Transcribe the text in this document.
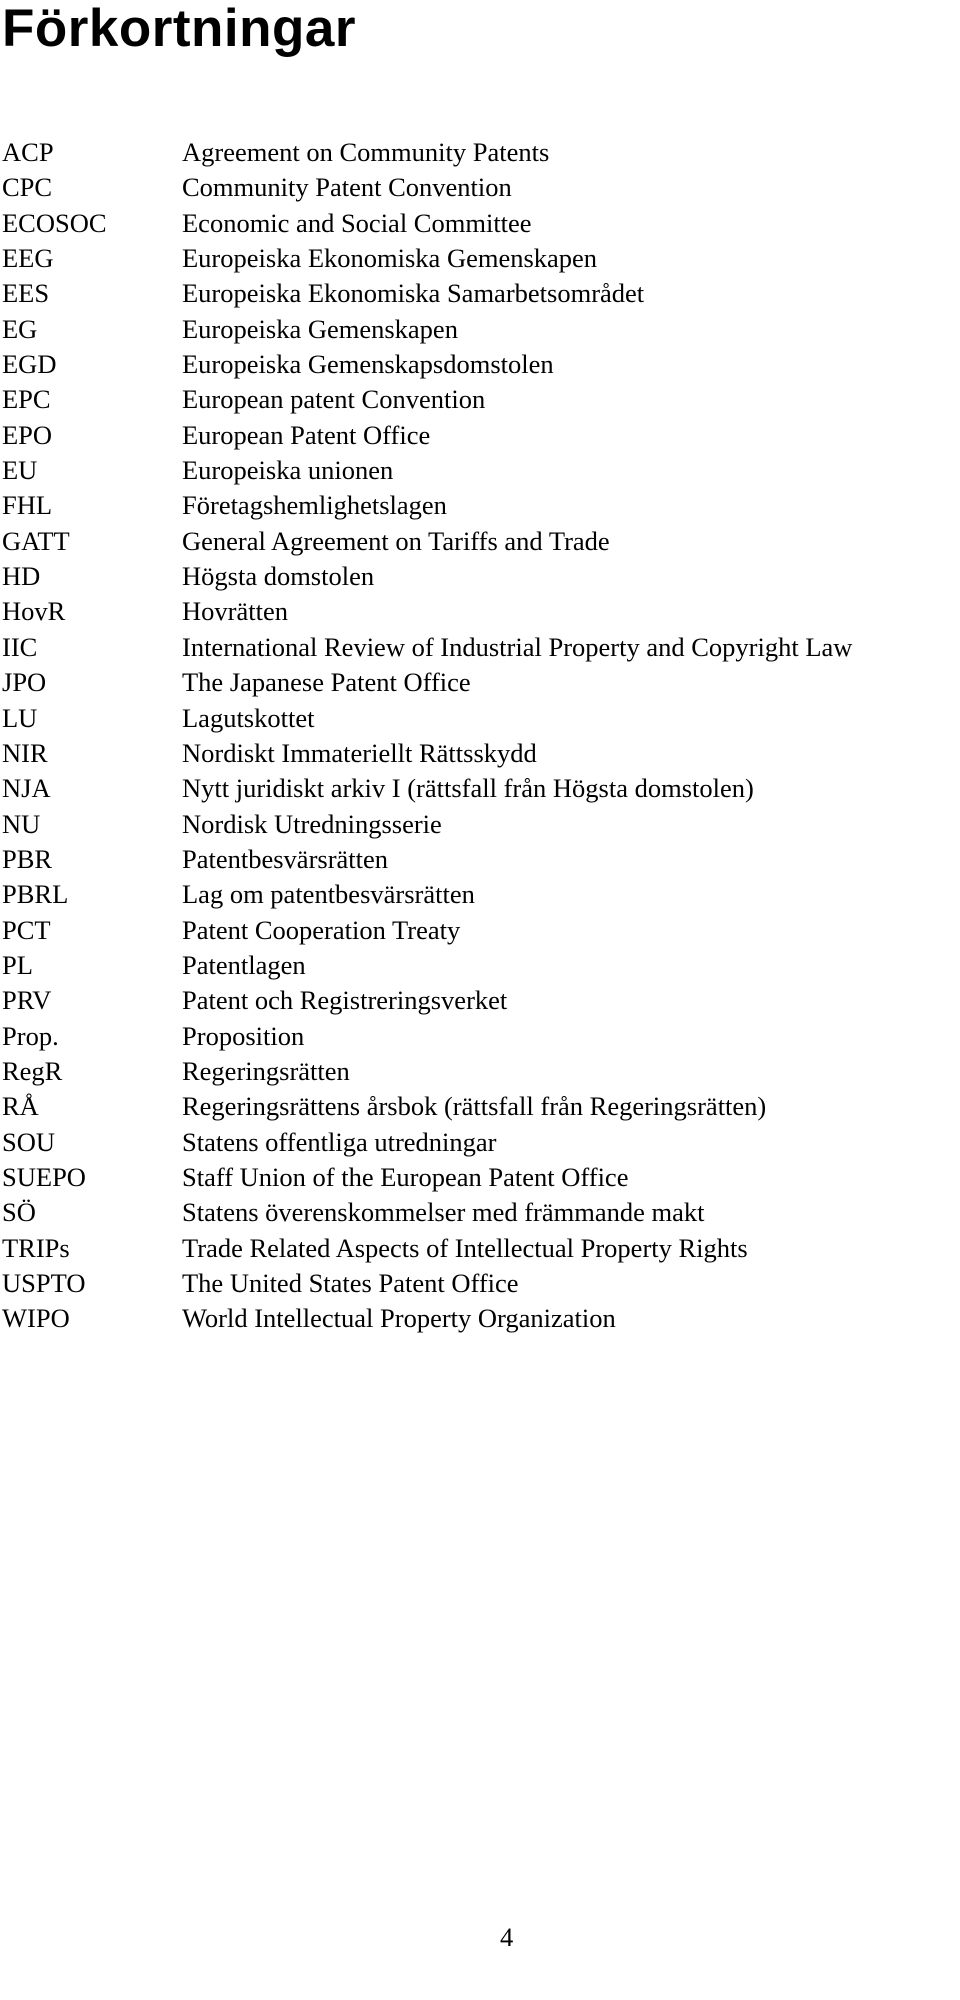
Förkortningar
ACP	Agreement on Community Patents
CPC	Community Patent Convention
ECOSOC	Economic and Social Committee
EEG	Europeiska Ekonomiska Gemenskapen
EES	Europeiska Ekonomiska Samarbetsområdet
EG	Europeiska Gemenskapen
EGD	Europeiska Gemenskapsdomstolen
EPC	European patent Convention
EPO	European Patent Office
EU	Europeiska unionen
FHL	Företagshemlighetslagen
GATT	General Agreement on Tariffs and Trade
HD	Högsta domstolen
HovR	Hovrätten
IIC	International Review of Industrial Property and Copyright Law
JPO	The Japanese Patent Office
LU	Lagutskottet
NIR	Nordiskt Immateriellt Rättsskydd
NJA	Nytt juridiskt arkiv I (rättsfall från Högsta domstolen)
NU	Nordisk Utredningsserie
PBR	Patentbesvärsrätten
PBRL	Lag om patentbesvärsrätten
PCT	Patent Cooperation Treaty
PL	Patentlagen
PRV	Patent och Registreringsverket
Prop.	Proposition
RegR	Regeringsrätten
RÅ	Regeringsrättens årsbok (rättsfall från Regeringsrätten)
SOU	Statens offentliga utredningar
SUEPO	Staff Union of the European Patent Office
SÖ	Statens överenskommelser med främmande makt
TRIPs	Trade Related Aspects of Intellectual Property Rights
USPTO	The United States Patent Office
WIPO	World Intellectual Property Organization
4
